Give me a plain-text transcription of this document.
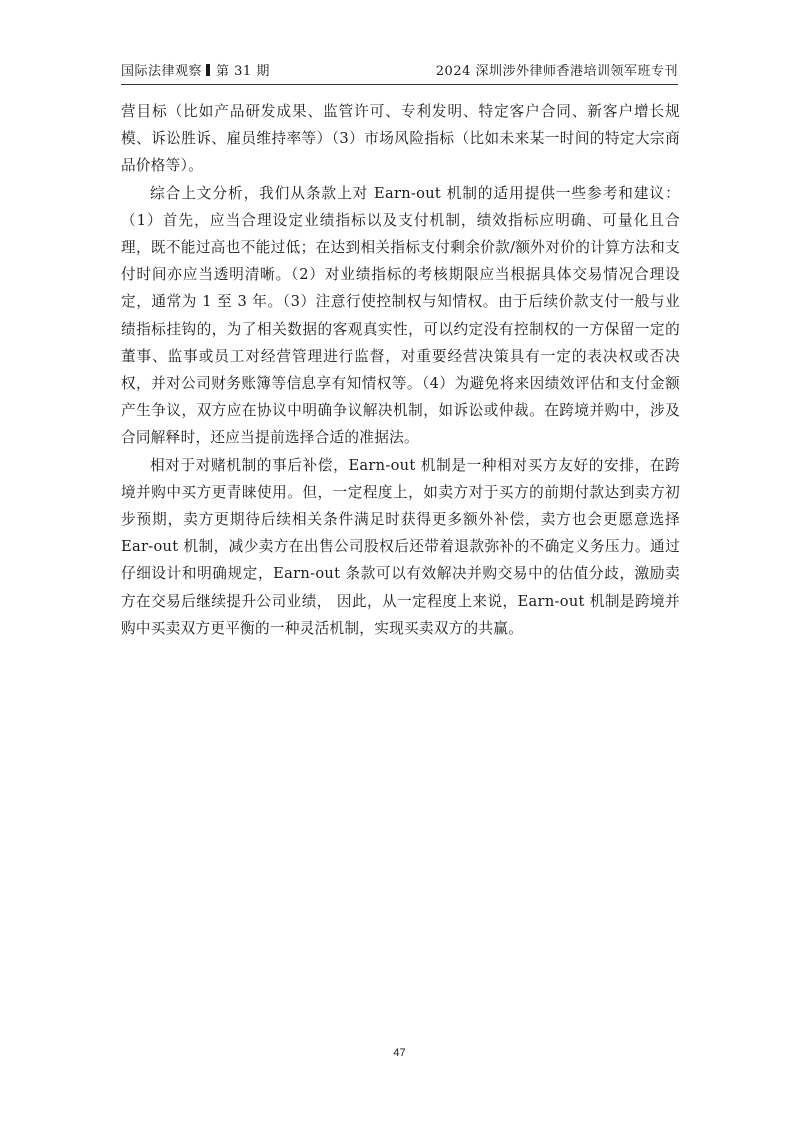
国际法律观察 第 31 期	2024 深圳涉外律师香港培训领军班专刊

营目标（比如产品研发成果、监管许可、专利发明、特定客户合同、新客户增长规模、诉讼胜诉、雇员维持率等）（3）市场风险指标（比如未来某一时间的特定大宗商品价格等）。

综合上文分析，我们从条款上对 Earn-out 机制的适用提供一些参考和建议：（1）首先，应当合理设定业绩指标以及支付机制，绩效指标应明确、可量化且合理，既不能过高也不能过低；在达到相关指标支付剩余价款/额外对价的计算方法和支付时间亦应当透明清晰。（2）对业绩指标的考核期限应当根据具体交易情况合理设定，通常为 1 至 3 年。（3）注意行使控制权与知情权。由于后续价款支付一般与业绩指标挂钩的，为了相关数据的客观真实性，可以约定没有控制权的一方保留一定的董事、监事或员工对经营管理进行监督，对重要经营决策具有一定的表决权或否决权，并对公司财务账簿等信息享有知情权等。（4）为避免将来因绩效评估和支付金额产生争议，双方应在协议中明确争议解决机制，如诉讼或仲裁。在跨境并购中，涉及合同解释时，还应当提前选择合适的准据法。

相对于对赌机制的事后补偿，Earn-out 机制是一种相对买方友好的安排，在跨境并购中买方更青睐使用。但，一定程度上，如卖方对于买方的前期付款达到卖方初步预期，卖方更期待后续相关条件满足时获得更多额外补偿，卖方也会更愿意选择 Ear-out 机制，减少卖方在出售公司股权后还带着退款弥补的不确定义务压力。通过仔细设计和明确规定，Earn-out 条款可以有效解决并购交易中的估值分歧，激励卖方在交易后继续提升公司业绩， 因此，从一定程度上来说，Earn-out 机制是跨境并购中买卖双方更平衡的一种灵活机制，实现买卖双方的共赢。

47
